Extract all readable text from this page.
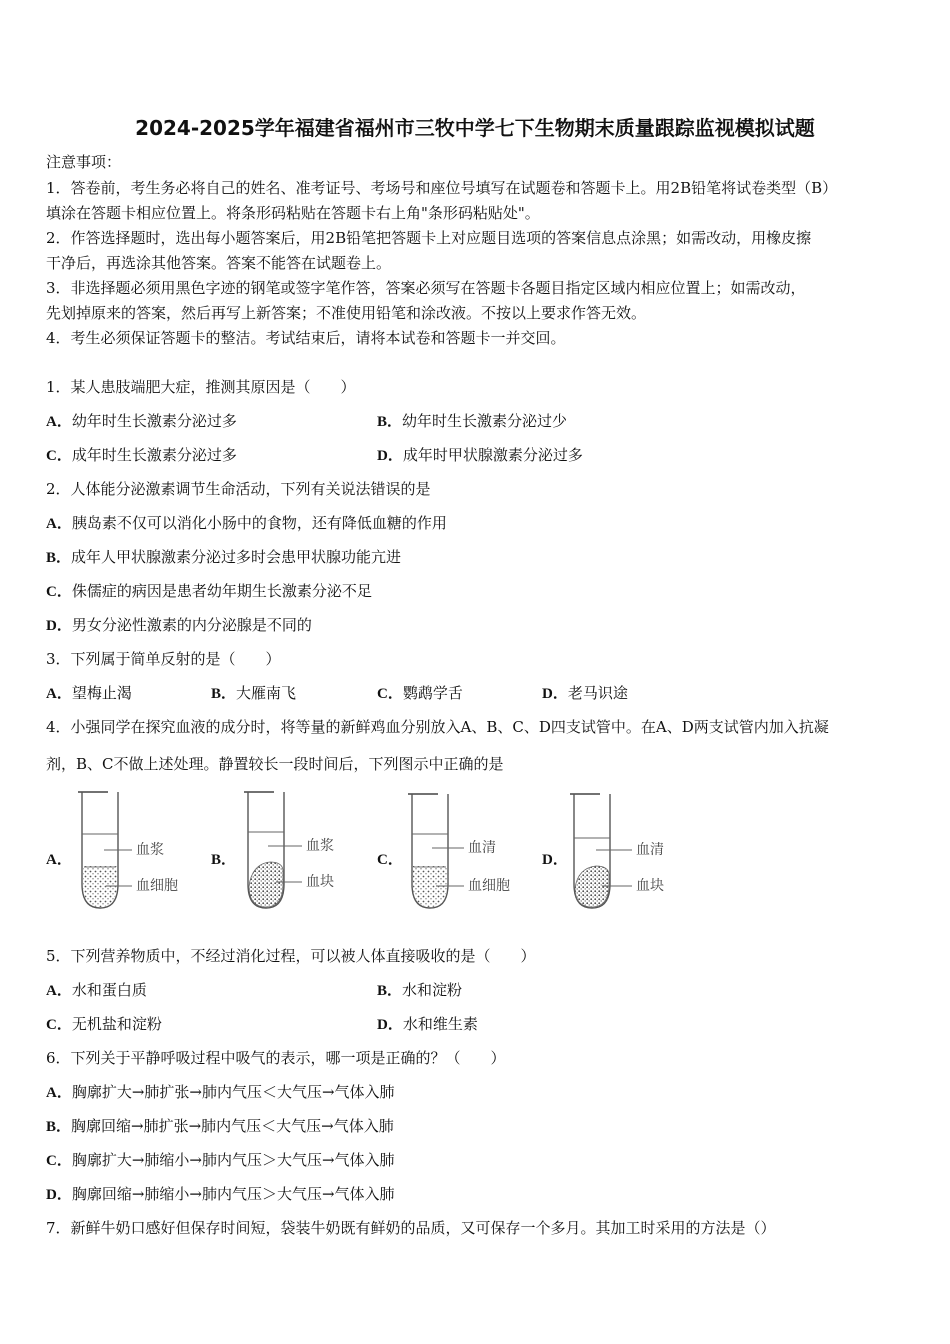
2024-2025学年福建省福州市三牧中学七下生物期末质量跟踪监视模拟试题
注意事项：
1．答卷前，考生务必将自己的姓名、准考证号、考场号和座位号填写在试题卷和答题卡上。用2B铅笔将试卷类型（B）
填涂在答题卡相应位置上。将条形码粘贴在答题卡右上角"条形码粘贴处"。
2．作答选择题时，选出每小题答案后，用2B铅笔把答题卡上对应题目选项的答案信息点涂黑；如需改动，用橡皮擦
干净后，再选涂其他答案。答案不能答在试题卷上。
3．非选择题必须用黑色字迹的钢笔或签字笔作答，答案必须写在答题卡各题目指定区域内相应位置上；如需改动，
先划掉原来的答案，然后再写上新答案；不准使用铅笔和涂改液。不按以上要求作答无效。
4．考生必须保证答题卡的整洁。考试结束后，请将本试卷和答题卡一并交回。
1．某人患肢端肥大症，推测其原因是（　　）
A．幼年时生长激素分泌过多	B．幼年时生长激素分泌过少
C．成年时生长激素分泌过多	D．成年时甲状腺激素分泌过多
2．人体能分泌激素调节生命活动，下列有关说法错误的是
A．胰岛素不仅可以消化小肠中的食物，还有降低血糖的作用
B．成年人甲状腺激素分泌过多时会患甲状腺功能亢进
C．侏儒症的病因是患者幼年期生长激素分泌不足
D．男女分泌性激素的内分泌腺是不同的
3．下列属于简单反射的是（　　）
A．望梅止渴	B．大雁南飞	C．鹦鹉学舌	D．老马识途
4．小强同学在探究血液的成分时，将等量的新鲜鸡血分别放入A、B、C、D四支试管中。在A、D两支试管内加入抗凝
剂，B、C不做上述处理。静置较长一段时间后，下列图示中正确的是
A．
血浆
血细胞
B．
血浆
血块
C．
血清
血细胞
D．
血清
血块
5．下列营养物质中，不经过消化过程，可以被人体直接吸收的是（　　）
A．水和蛋白质	B．水和淀粉
C．无机盐和淀粉	D．水和维生素
6．下列关于平静呼吸过程中吸气的表示，哪一项是正确的？（　　）
A．胸廓扩大→肺扩张→肺内气压＜大气压→气体入肺
B．胸廓回缩→肺扩张→肺内气压＜大气压→气体入肺
C．胸廓扩大→肺缩小→肺内气压＞大气压→气体入肺
D．胸廓回缩→肺缩小→肺内气压＞大气压→气体入肺
7．新鲜牛奶口感好但保存时间短，袋装牛奶既有鲜奶的品质，又可保存一个多月。其加工时采用的方法是（）
